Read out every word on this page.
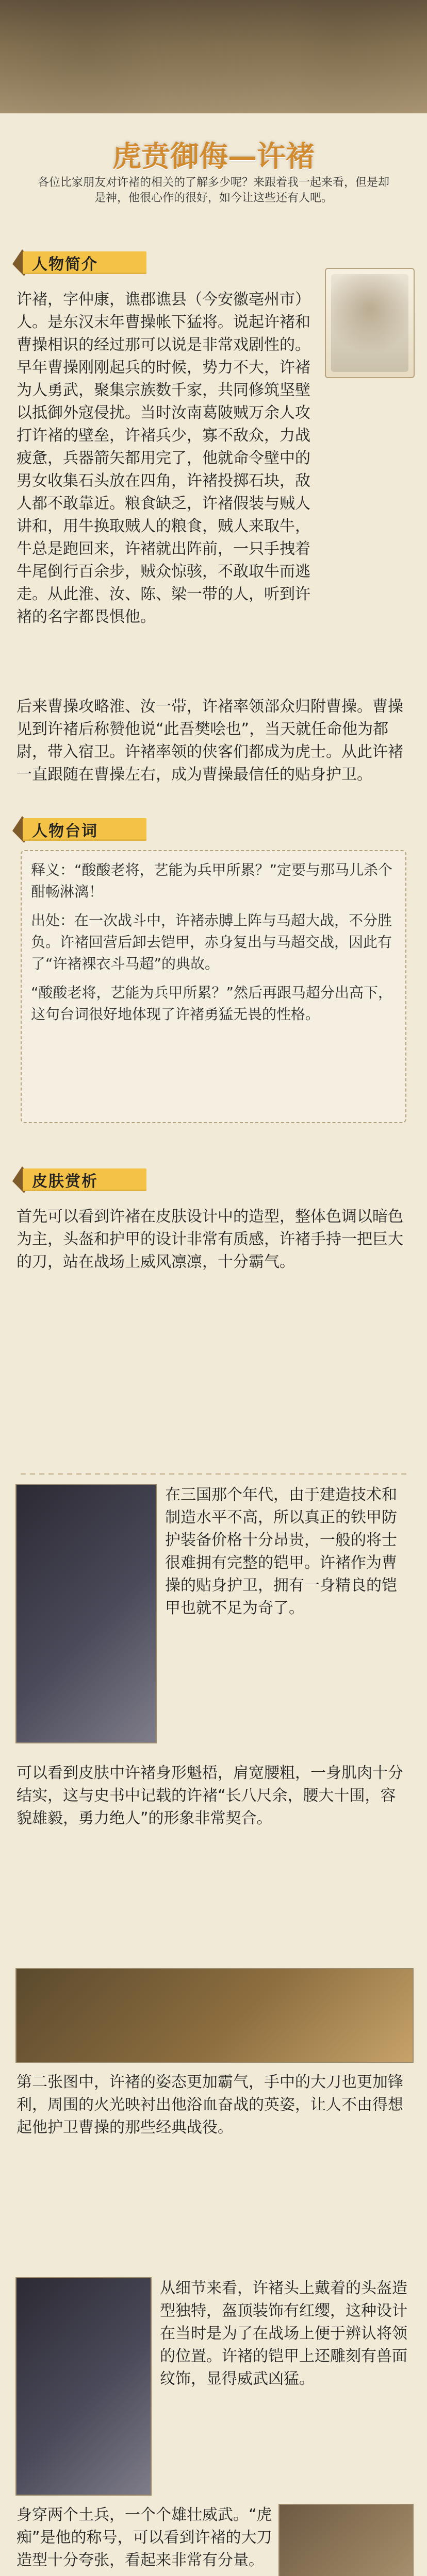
虎贲御侮—许褚
各位比家朋友对许褚的相关的了解多少呢？来跟着我一起来看，但是却是神，他很心作的很好，如今让这些还有人吧。
人物简介

许褚，字仲康，谯郡谯县（今安徽亳州市）人。是东汉末年曹操帐下猛将。说起许褚和曹操相识的经过那可以说是非常戏剧性的。早年曹操刚刚起兵的时候，势力不大，许褚为人勇武，聚集宗族数千家，共同修筑坚壁以抵御外寇侵扰。当时汝南葛陂贼万余人攻打许褚的壁垒，许褚兵少，寡不敌众，力战疲惫，兵器箭矢都用完了，他就命令壁中的男女收集石头放在四角，许褚投掷石块，敌人都不敢靠近。粮食缺乏，许褚假装与贼人讲和，用牛换取贼人的粮食，贼人来取牛，牛总是跑回来，许褚就出阵前，一只手拽着牛尾倒行百余步，贼众惊骇，不敢取牛而逃走。从此淮、汝、陈、梁一带的人，听到许褚的名字都畏惧他。

后来曹操攻略淮、汝一带，许褚率领部众归附曹操。曹操见到许褚后称赞他说“此吾樊哙也”，当天就任命他为都尉，带入宿卫。许褚率领的侠客们都成为虎士。从此许褚一直跟随在曹操左右，成为曹操最信任的贴身护卫。

人物台词
释义：“酸酸老将，艺能为兵甲所累？”定要与那马儿杀个酣畅淋漓！
出处：在一次战斗中，许褚赤膊上阵与马超大战，不分胜负。许褚回营后卸去铠甲，赤身复出与马超交战，因此有了“许褚裸衣斗马超”的典故。
“酸酸老将，艺能为兵甲所累？”然后再跟马超分出高下，这句台词很好地体现了许褚勇猛无畏的性格。
皮肤赏析

首先可以看到许褚在皮肤设计中的造型，整体色调以暗色为主，头盔和护甲的设计非常有质感，许褚手持一把巨大的刀，站在战场上威风凛凛，十分霸气。

在三国那个年代，由于建造技术和制造水平不高，所以真正的铁甲防护装备价格十分昂贵，一般的将士很难拥有完整的铠甲。许褚作为曹操的贴身护卫，拥有一身精良的铠甲也就不足为奇了。

可以看到皮肤中许褚身形魁梧，肩宽腰粗，一身肌肉十分结实，这与史书中记载的许褚“长八尺余，腰大十围，容貌雄毅，勇力绝人”的形象非常契合。

第二张图中，许褚的姿态更加霸气，手中的大刀也更加锋利，周围的火光映衬出他浴血奋战的英姿，让人不由得想起他护卫曹操的那些经典战役。

从细节来看，许褚头上戴着的头盔造型独特，盔顶装饰有红缨，这种设计在当时是为了在战场上便于辨认将领的位置。许褚的铠甲上还雕刻有兽面纹饰，显得威武凶猛。

身穿两个土兵，一个个雄壮威武。“虎痴”是他的称号，可以看到许褚的大刀造型十分夸张，看起来非常有分量。
